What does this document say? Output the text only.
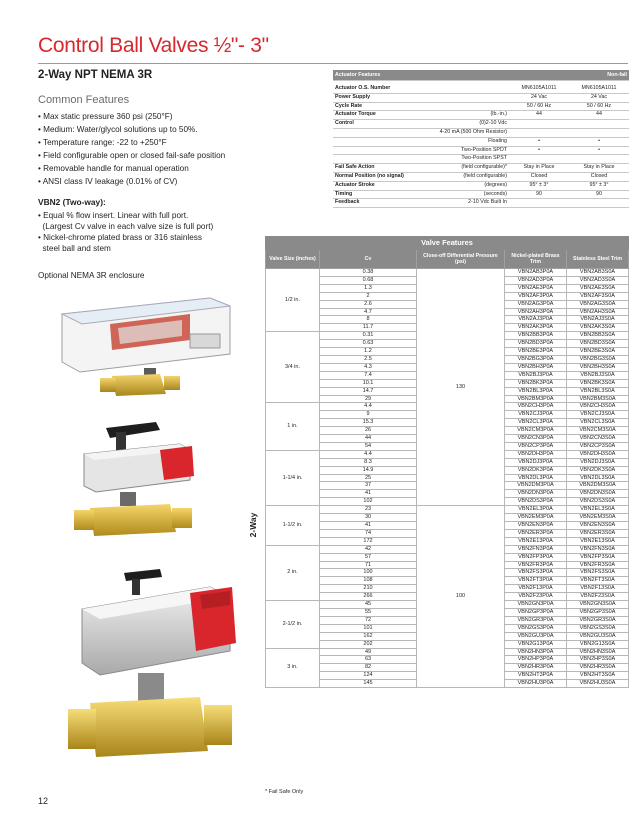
Control Ball Valves ½"- 3"
2-Way NPT NEMA 3R
Common Features
• Max static pressure 360 psi (250°F)
• Medium: Water/glycol solutions up to 50%.
• Temperature range: -22 to +250°F
• Field configurable open or closed fail-safe position
• Removable handle for manual operation
• ANSI class IV leakage (0.01% of CV)
VBN2 (Two-way):
• Equal % flow insert. Linear with full port.
(Largest Cv valve in each valve size is full port)
• Nickel-chrome plated brass or 316 stainless
steel ball and stem
Optional NEMA 3R enclosure
Actuator Features			Non-fail

Actuator O.S. Number		MN6105A1011	MN6105A1011
Power Supply		24 Vac	24 Vac
Cycle Rate		50 / 60 Hz	50 / 60 Hz
Actuator Torque	(lb.-in.)	44	44
Control	(0)2-10 Vdc		
	4-20 mA (500 Ohm Resistor)		
	Floating	•	•
	Two-Position SPDT	•	•
	Two-Position SPST		
Fail Safe Action	(field configurable)*	Stay in Place	Stay in Place
Normal Position (no signal)	(field configurable)	Closed	Closed
Actuator Stroke	(degrees)	95° ± 3°	95° ± 3°
Timing	(seconds)	90	90
Feedback	2-10 Vdc Built In		
2-Way
Valve Features				
Valve Size (inches)	Cv	Close-off Differential Pressure (psi)	Nickel-plated Brass Trim	Stainless Steel Trim
1/2 in.	0.38	130	VBN2AB3P0A	VBN2AB3S0A
	0.68		VBN2AD3P0A	VBN2AD3S0A
	1.3		VBN2AE3P0A	VBN2AE3S0A
	2		VBN2AF3P0A	VBN2AF3S0A
	2.6		VBN2AG3P0A	VBN2AG3S0A
	4.7		VBN2AH3P0A	VBN2AH3S0A
	8		VBN2AJ3P0A	VBN2AJ3S0A
	11.7		VBN2AK3P0A	VBN2AK3S0A
3/4 in.	0.31		VBN2BB3P0A	VBN2BB3S0A
	0.63		VBN2BD3P0A	VBN2BD3S0A
	1.2		VBN2BE3P0A	VBN2BE3S0A
	2.5		VBN2BG3P0A	VBN2BG3S0A
	4.3		VBN2BH3P0A	VBN2BH3S0A
	7.4		VBN2BJ3P0A	VBN2BJ3S0A
	10.1		VBN2BK3P0A	VBN2BK3S0A
	14.7		VBN2BL3P0A	VBN2BL3S0A
	29		VBN2BM3P0A	VBN2BM3S0A
1 in.	4.4		VBN2CH3P0A	VBN2CH3S0A
	9		VBN2CJ3P0A	VBN2CJ3S0A
	15.3		VBN2CL3P0A	VBN2CL3S0A
	26		VBN2CM3P0A	VBN2CM3S0A
	44		VBN2CN3P0A	VBN2CN3S0A
	54		VBN2CP3P0A	VBN2CP3S0A
1-1/4 in.	4.4		VBN2DH3P0A	VBN2DH3S0A
	8.3		VBN2DJ3P0A	VBN2DJ3S0A
	14.9		VBN2DK3P0A	VBN2DK3S0A
	25		VBN2DL3P0A	VBN2DL3S0A
	37		VBN2DM3P0A	VBN2DM3S0A
	41		VBN2DN3P0A	VBN2DN3S0A
	102		VBN2DS3P0A	VBN2DS3S0A
1-1/2 in.	23	100	VBN2EL3P0A	VBN2EL3S0A
	30		VBN2EM3P0A	VBN2EM3S0A
	41		VBN2EN3P0A	VBN2EN3S0A
	74		VBN2ER3P0A	VBN2ER3S0A
	172		VBN2E13P0A	VBN2E13S0A
2 in.	42		VBN2FN3P0A	VBN2FN3S0A
	57		VBN2FP3P0A	VBN2FP3S0A
	71		VBN2FR3P0A	VBN2FR3S0A
	100		VBN2FS3P0A	VBN2FS3S0A
	108		VBN2FT3P0A	VBN2FT3S0A
	210		VBN2F13P0A	VBN2F13S0A
	266		VBN2F23P0A	VBN2F23S0A
2-1/2 in.	45		VBN2GN3P0A	VBN2GN3S0A
	55		VBN2GP3P0A	VBN2GP3S0A
	72		VBN2GR3P0A	VBN2GR3S0A
	101		VBN2GS3P0A	VBN2GS3S0A
	162		VBN2GU3P0A	VBN2GU3S0A
	202		VBN2G13P0A	VBN2G13S0A
3 in.	49		VBN2HN3P0A	VBN2HN3S0A
	63		VBN2HP3P0A	VBN2HP3S0A
	82		VBN2HR3P0A	VBN2HR3S0A
	124		VBN2HT3P0A	VBN2HT3S0A
	145		VBN2HU3P0A	VBN2HU3S0A
* Fail Safe Only
12
